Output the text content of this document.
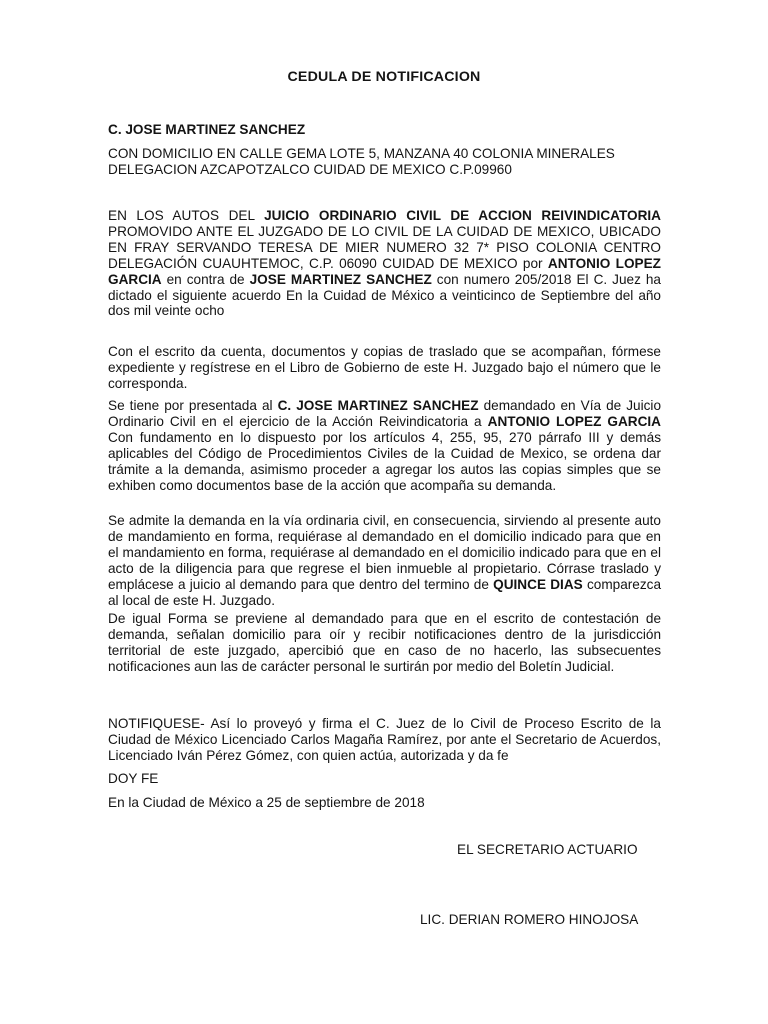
CEDULA DE NOTIFICACION

C. JOSE MARTINEZ SANCHEZ

CON DOMICILIO EN CALLE GEMA LOTE 5, MANZANA 40 COLONIA MINERALES DELEGACION AZCAPOTZALCO CUIDAD DE MEXICO C.P.09960

EN LOS AUTOS DEL JUICIO ORDINARIO CIVIL DE ACCION REIVINDICATORIA PROMOVIDO ANTE EL JUZGADO DE LO CIVIL DE LA CUIDAD DE MEXICO, UBICADO EN FRAY SERVANDO TERESA DE MIER NUMERO 32 7* PISO COLONIA CENTRO DELEGACIÓN CUAUHTEMOC, C.P. 06090 CUIDAD DE MEXICO por ANTONIO LOPEZ GARCIA en contra de JOSE MARTINEZ SANCHEZ con numero 205/2018 El C. Juez ha dictado el siguiente acuerdo En la Cuidad de México a veinticinco de Septiembre del año dos mil veinte ocho

Con el escrito da cuenta, documentos y copias de traslado que se acompañan, fórmese expediente y regístrese en el Libro de Gobierno de este H. Juzgado bajo el número que le corresponda.

Se tiene por presentada al C. JOSE MARTINEZ SANCHEZ demandado en Vía de Juicio Ordinario Civil en el ejercicio de la Acción Reivindicatoria a ANTONIO LOPEZ GARCIA Con fundamento en lo dispuesto por los artículos 4, 255, 95, 270 párrafo III y demás aplicables del Código de Procedimientos Civiles de la Cuidad de Mexico, se ordena dar trámite a la demanda, asimismo proceder a agregar los autos las copias simples que se exhiben como documentos base de la acción que acompaña su demanda.

Se admite la demanda en la vía ordinaria civil, en consecuencia, sirviendo al presente auto de mandamiento en forma, requiérase al demandado en el domicilio indicado para que en el mandamiento en forma, requiérase al demandado en el domicilio indicado para que en el acto de la diligencia para que regrese el bien inmueble al propietario. Córrase traslado y emplácese a juicio al demando para que dentro del termino de QUINCE DIAS comparezca al local de este H. Juzgado.

De igual Forma se previene al demandado para que en el escrito de contestación de demanda, señalan domicilio para oír y recibir notificaciones dentro de la jurisdicción territorial de este juzgado, apercibió que en caso de no hacerlo, las subsecuentes notificaciones aun las de carácter personal le surtirán por medio del Boletín Judicial.

NOTIFIQUESE- Así lo proveyó y firma el C. Juez de lo Civil de Proceso Escrito de la Ciudad de México Licenciado Carlos Magaña Ramírez, por ante el Secretario de Acuerdos, Licenciado Iván Pérez Gómez, con quien actúa, autorizada y da fe

DOY FE

En la Ciudad de México a 25 de septiembre de 2018

EL SECRETARIO ACTUARIO

LIC. DERIAN ROMERO HINOJOSA
